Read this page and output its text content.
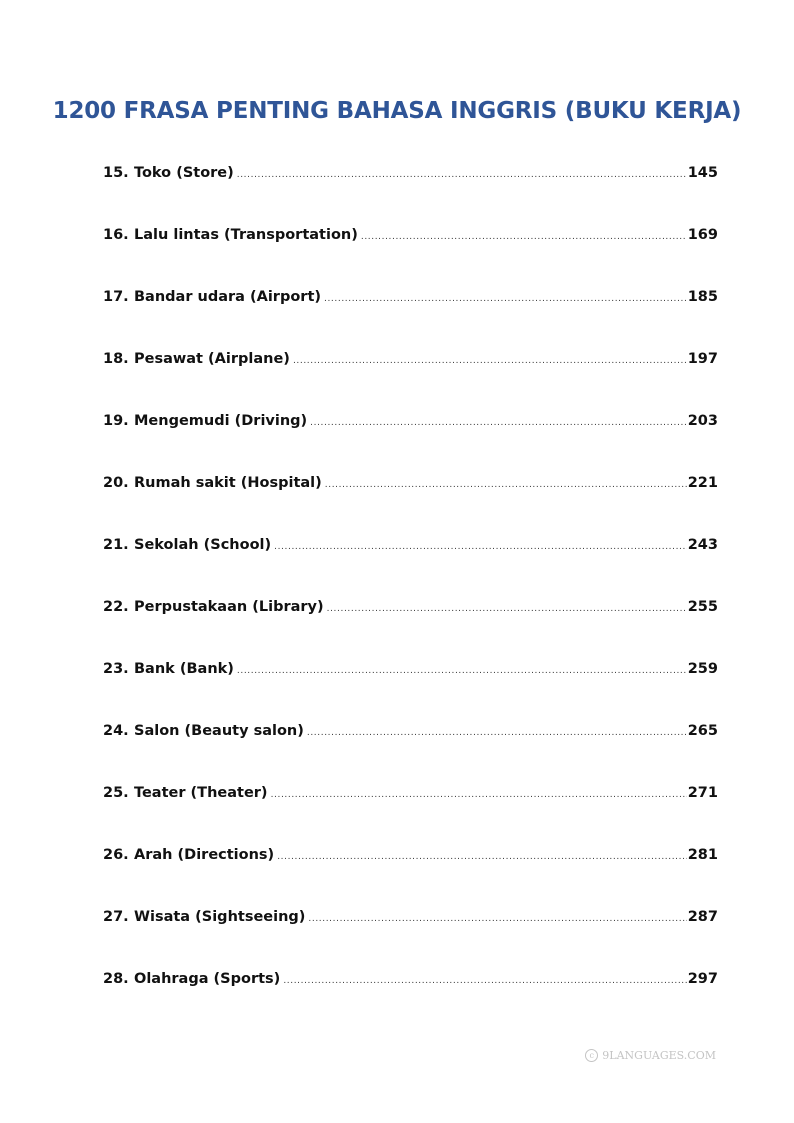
1200 FRASA PENTING BAHASA INGGRIS (BUKU KERJA)
15. Toko (Store) .....	145
16. Lalu lintas (Transportation) .....	169
17. Bandar udara (Airport) .....	185
18. Pesawat (Airplane) .....	197
19. Mengemudi (Driving) .....	203
20. Rumah sakit (Hospital) .....	221
21. Sekolah (School) .....	243
22. Perpustakaan (Library) .....	255
23. Bank (Bank) .....	259
24. Salon (Beauty salon) .....	265
25. Teater (Theater) .....	271
26. Arah (Directions) .....	281
27. Wisata (Sightseeing) .....	287
28. Olahraga (Sports) .....	297
c 9LANGUAGES.COM
